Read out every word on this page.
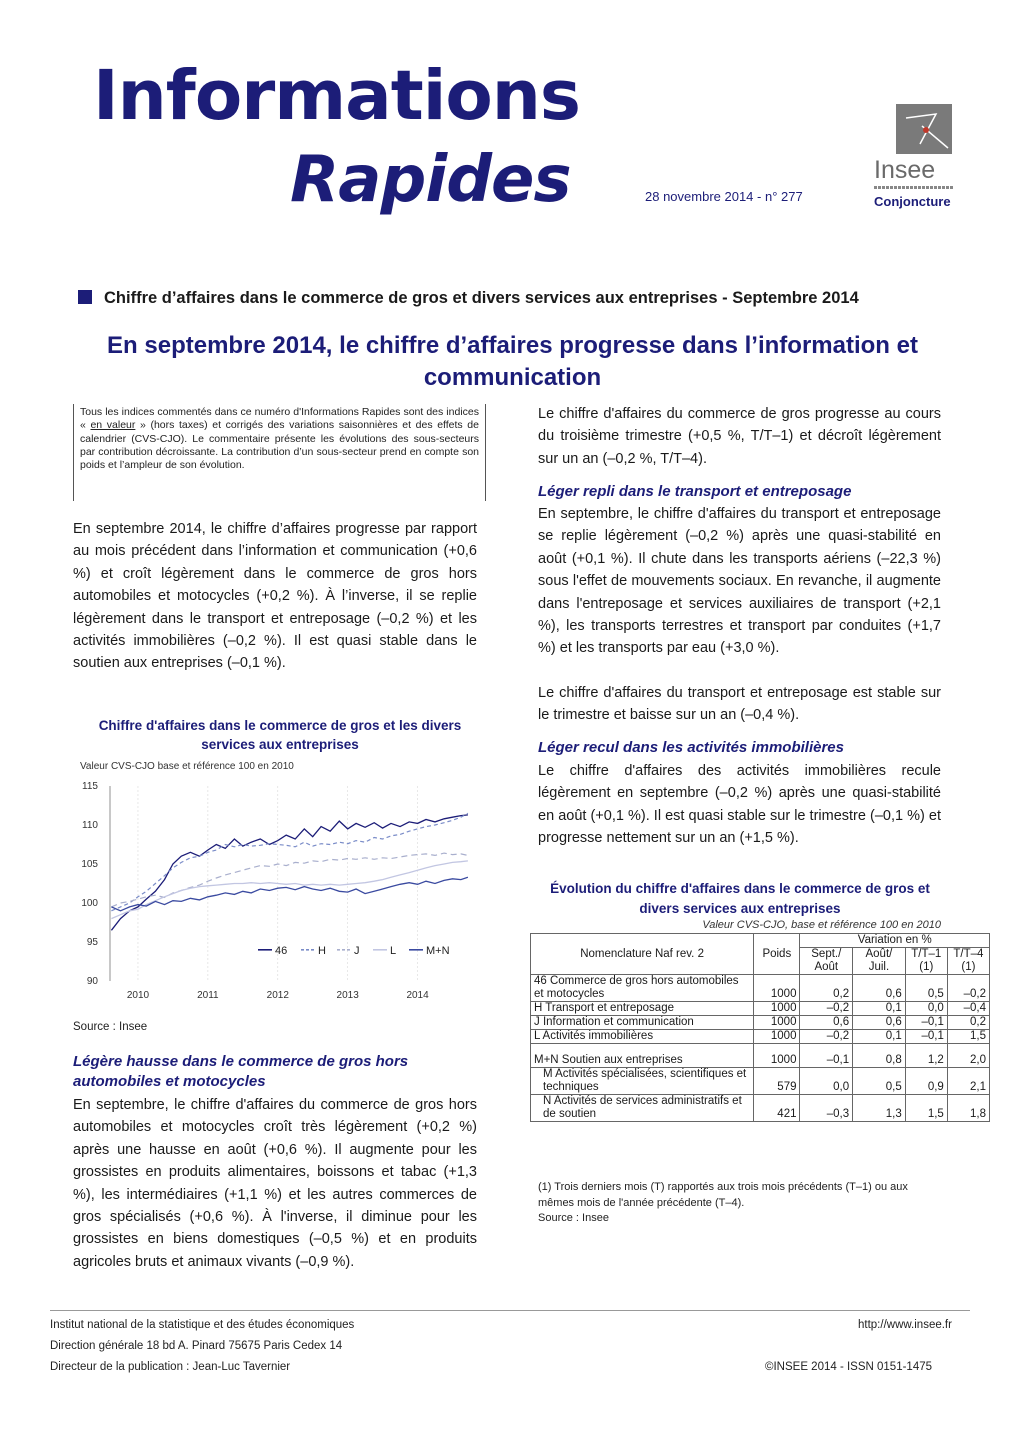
Informations
Rapides	28 novembre 2014 - n° 277
Insee
Conjoncture
Chiffre d’affaires dans le commerce de gros et divers services aux entreprises - Septembre 2014
En septembre 2014, le chiffre d’affaires progresse dans l’information et communication
Tous les indices commentés dans ce numéro d'Informations Rapides sont des indices « en valeur » (hors taxes) et corrigés des variations saisonnières et des effets de calendrier (CVS-CJO). Le commentaire présente les évolutions des sous-secteurs par contribution décroissante. La contribution d’un sous-secteur prend en compte son poids et l’ampleur de son évolution.
En septembre 2014, le chiffre d’affaires progresse par rapport au mois précédent dans l’information et communication (+0,6 %) et croît légèrement dans le commerce de gros hors automobiles et motocycles (+0,2 %). À l’inverse, il se replie légèrement dans le transport et entreposage (–0,2 %) et les activités immobilières (–0,2 %). Il est quasi stable dans le soutien aux entreprises (–0,1 %).
Chiffre d'affaires dans le commerce de gros et les divers services aux entreprises
Valeur CVS-CJO base et référence 100 en 2010
2010	2011	2012	2013	2014
90
95
100
105
110
115
46	H	J	L	M+N
Source : Insee
Légère hausse dans le commerce de gros hors automobiles et motocycles
En septembre, le chiffre d'affaires du commerce de gros hors automobiles et motocycles croît très légèrement (+0,2 %) après une hausse en août (+0,6 %). Il augmente pour les grossistes en produits alimentaires, boissons et tabac (+1,3 %), les intermédiaires (+1,1 %) et les autres commerces de gros spécialisés (+0,6 %). À l'inverse, il diminue pour les grossistes en biens domestiques (–0,5 %) et en produits agricoles bruts et animaux vivants (–0,9 %).
Le chiffre d'affaires du commerce de gros progresse au cours du troisième trimestre (+0,5 %, T/T–1) et décroît légèrement sur un an (–0,2 %, T/T–4).
Léger repli dans le transport et entreposage
En septembre, le chiffre d'affaires du transport et entreposage se replie légèrement (–0,2 %) après une quasi-stabilité en août (+0,1 %). Il chute dans les transports aériens (–22,3 %) sous l'effet de mouvements sociaux. En revanche, il augmente dans l'entreposage et services auxiliaires de transport (+2,1 %), les transports terrestres et transport par conduites (+1,7 %) et les transports par eau (+3,0 %).
Le chiffre d'affaires du transport et entreposage est stable sur le trimestre et baisse sur un an (–0,4 %).
Léger recul dans les activités immobilières
Le chiffre d'affaires des activités immobilières recule légèrement en septembre (–0,2 %) après une quasi-stabilité en août (+0,1 %). Il est quasi stable sur le trimestre (–0,1 %) et progresse nettement sur un an (+1,5 %).
Évolution du chiffre d'affaires dans le commerce de gros et divers services aux entreprises
Valeur CVS-CJO, base et référence 100 en 2010
Nomenclature Naf rev. 2	Poids	Variation en %			
		Sept./ Août	Août/ Juil.	T/T–1 (1)	T/T–4 (1)
46 Commerce de gros hors automobiles et motocycles	1000	0,2	0,6	0,5	–0,2
H Transport et entreposage	1000	–0,2	0,1	0,0	–0,4
J Information et communication	1000	0,6	0,6	–0,1	0,2
L Activités immobilières	1000	–0,2	0,1	–0,1	1,5
M+N Soutien aux entreprises	1000	–0,1	0,8	1,2	2,0
M Activités spécialisées, scientifiques et techniques	579	0,0	0,5	0,9	2,1
N Activités de services administratifs et de soutien	421	–0,3	1,3	1,5	1,8
(1) Trois derniers mois (T) rapportés aux trois mois précédents (T–1) ou aux mêmes mois de l'année précédente (T–4).
Source : Insee
Institut national de la statistique et des études économiques
Direction générale 18 bd A. Pinard 75675 Paris Cedex 14
Directeur de la publication : Jean-Luc Tavernier
http://www.insee.fr
©INSEE 2014 - ISSN 0151-1475
